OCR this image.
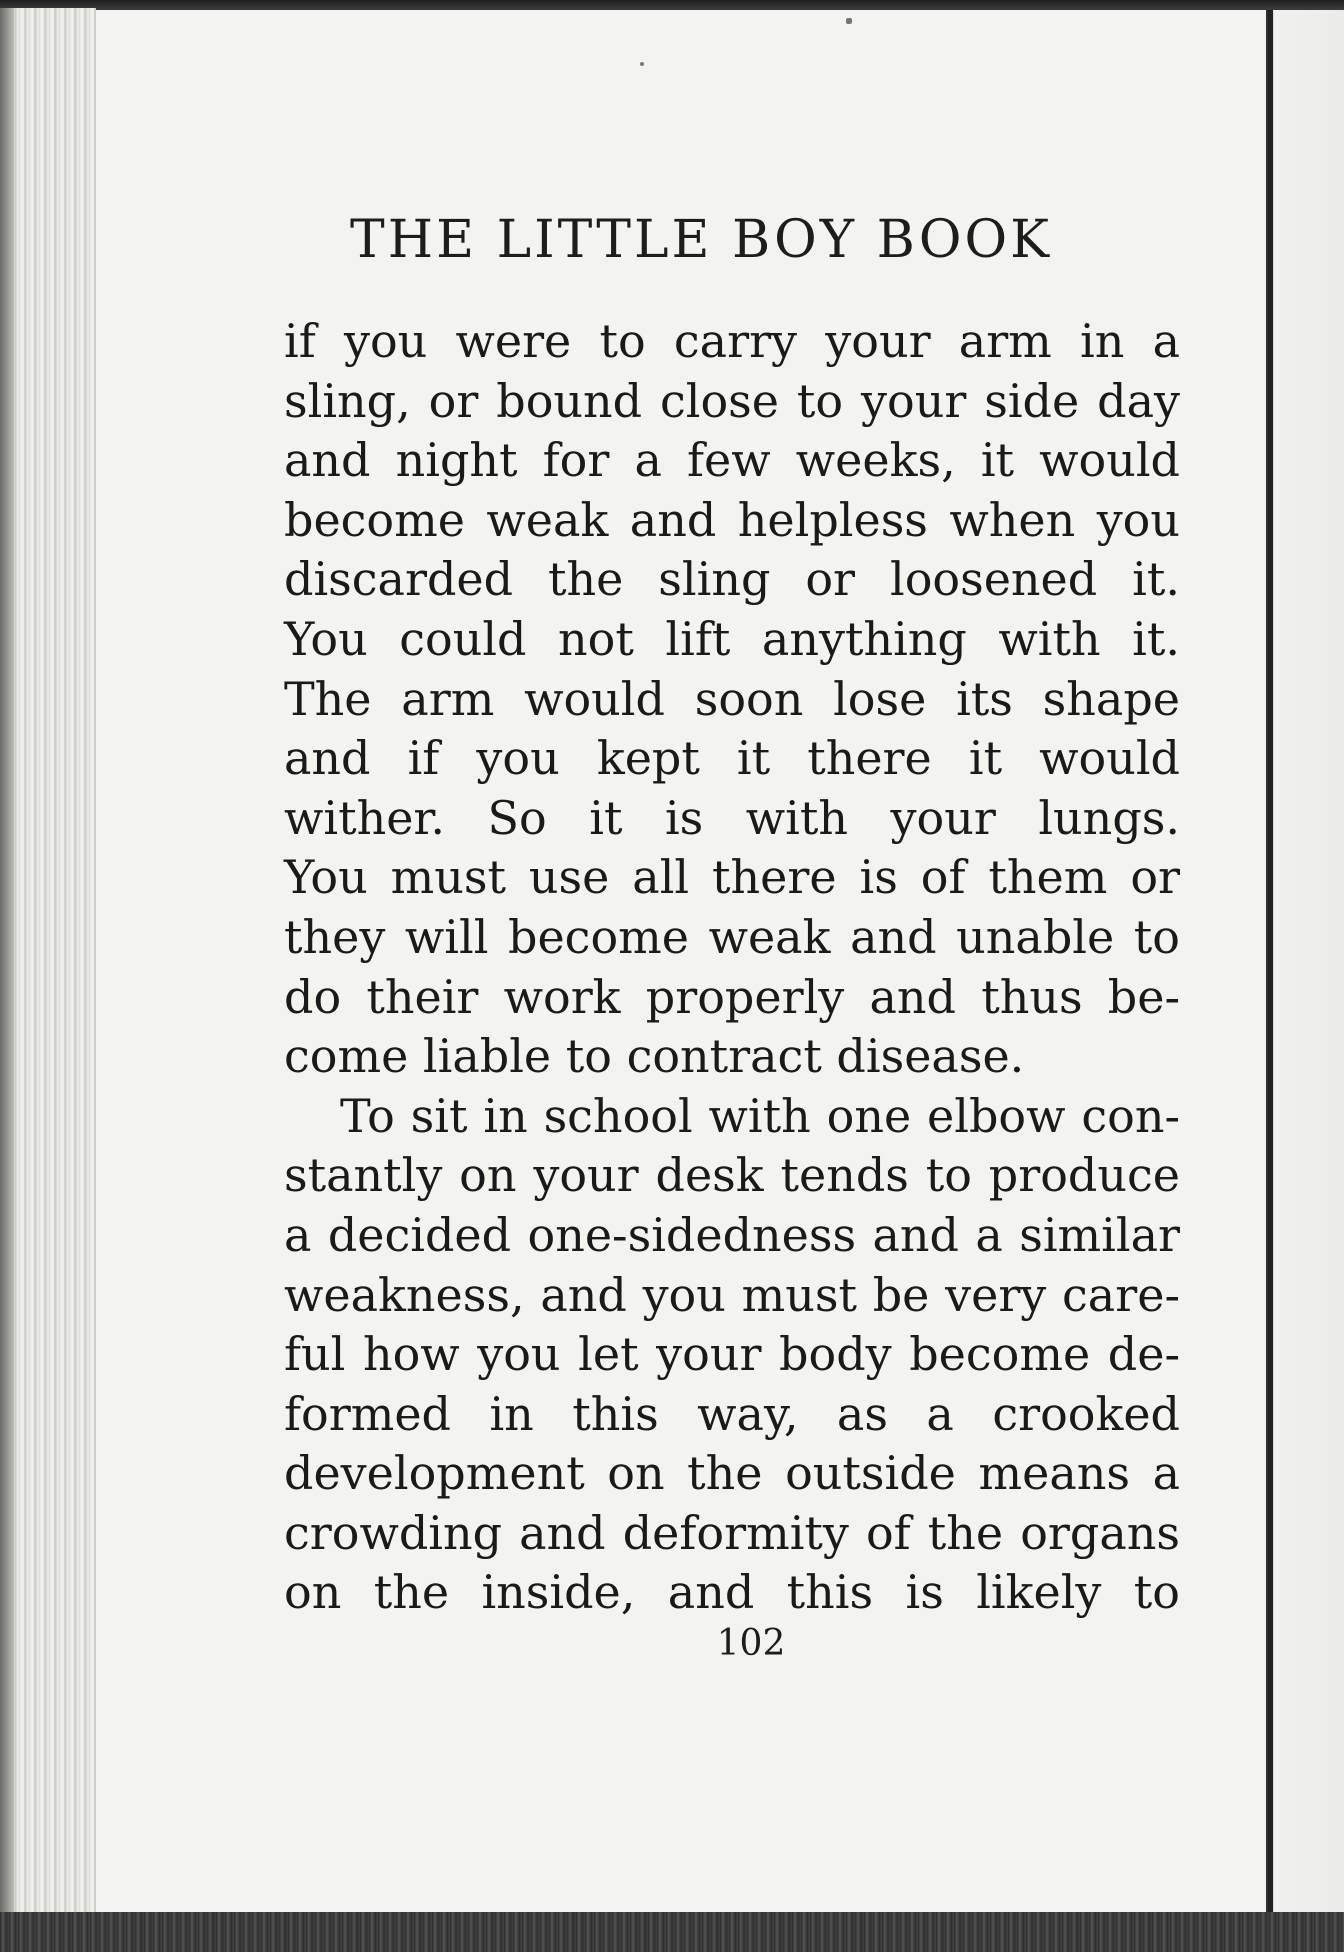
THE LITTLE BOY BOOK

if you were to carry your arm in a
sling, or bound close to your side day
and night for a few weeks, it would
become weak and helpless when you
discarded the sling or loosened it.
You could not lift anything with it.
The arm would soon lose its shape
and if you kept it there it would
wither. So it is with your lungs.
You must use all there is of them or
they will become weak and unable to
do their work properly and thus be-
come liable to contract disease.

To sit in school with one elbow con-
stantly on your desk tends to produce
a decided one-sidedness and a similar
weakness, and you must be very care-
ful how you let your body become de-
formed in this way, as a crooked
development on the outside means a
crowding and deformity of the organs
on the inside, and this is likely to

102
